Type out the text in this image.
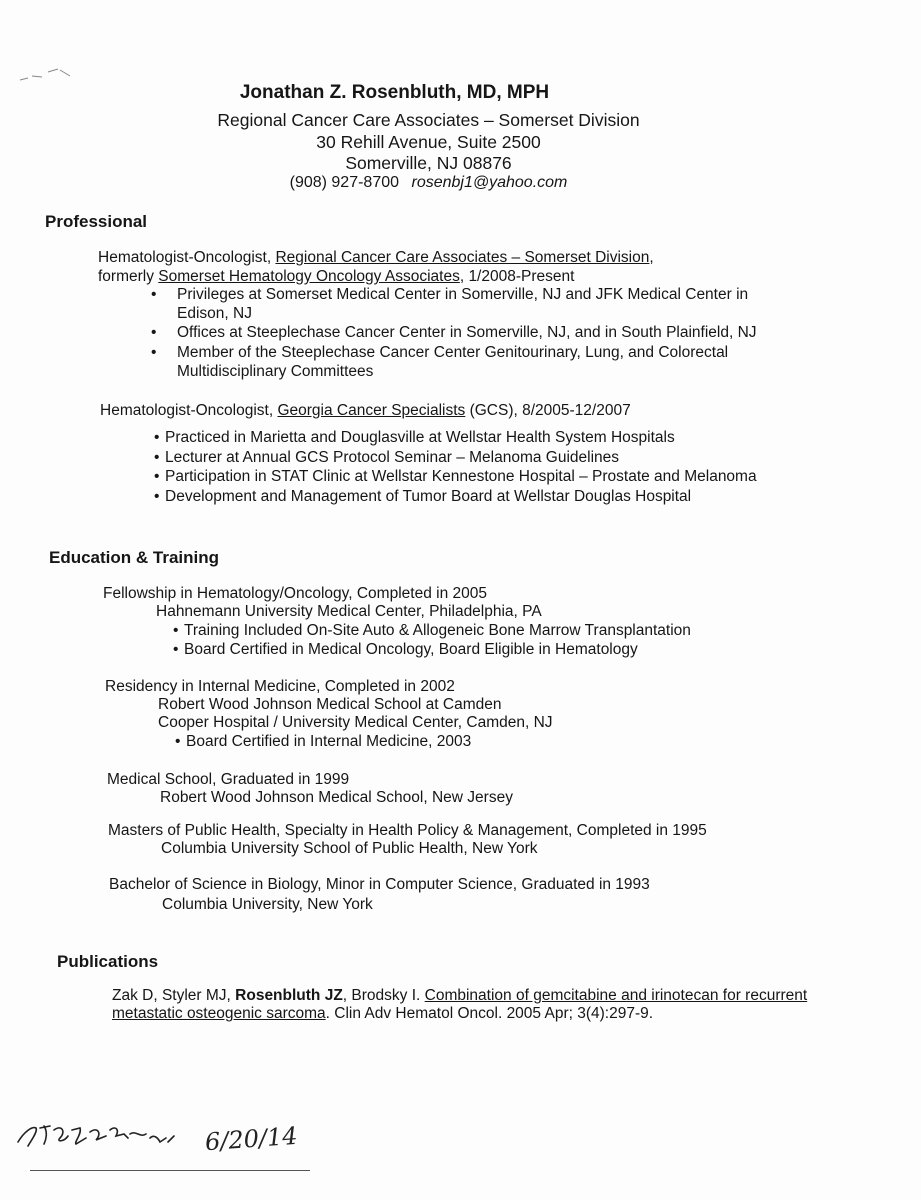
Jonathan Z. Rosenbluth, MD, MPH
Regional Cancer Care Associates – Somerset Division
30 Rehill Avenue, Suite 2500
Somerville, NJ 08876
(908) 927-8700 rosenbj1@yahoo.com
Professional
Hematologist-Oncologist, Regional Cancer Care Associates – Somerset Division,
formerly Somerset Hematology Oncology Associates, 1/2008-Present
• Privileges at Somerset Medical Center in Somerville, NJ and JFK Medical Center in
Edison, NJ
• Offices at Steeplechase Cancer Center in Somerville, NJ, and in South Plainfield, NJ
• Member of the Steeplechase Cancer Center Genitourinary, Lung, and Colorectal
Multidisciplinary Committees
Hematologist-Oncologist, Georgia Cancer Specialists (GCS), 8/2005-12/2007
• Practiced in Marietta and Douglasville at Wellstar Health System Hospitals
• Lecturer at Annual GCS Protocol Seminar – Melanoma Guidelines
• Participation in STAT Clinic at Wellstar Kennestone Hospital – Prostate and Melanoma
• Development and Management of Tumor Board at Wellstar Douglas Hospital
Education & Training
Fellowship in Hematology/Oncology, Completed in 2005
Hahnemann University Medical Center, Philadelphia, PA
• Training Included On-Site Auto & Allogeneic Bone Marrow Transplantation
• Board Certified in Medical Oncology, Board Eligible in Hematology
Residency in Internal Medicine, Completed in 2002
Robert Wood Johnson Medical School at Camden
Cooper Hospital / University Medical Center, Camden, NJ
• Board Certified in Internal Medicine, 2003
Medical School, Graduated in 1999
Robert Wood Johnson Medical School, New Jersey
Masters of Public Health, Specialty in Health Policy & Management, Completed in 1995
Columbia University School of Public Health, New York
Bachelor of Science in Biology, Minor in Computer Science, Graduated in 1993
Columbia University, New York
Publications
Zak D, Styler MJ, Rosenbluth JZ, Brodsky I. Combination of gemcitabine and irinotecan for recurrent
metastatic osteogenic sarcoma. Clin Adv Hematol Oncol. 2005 Apr; 3(4):297-9.
6/20/14
